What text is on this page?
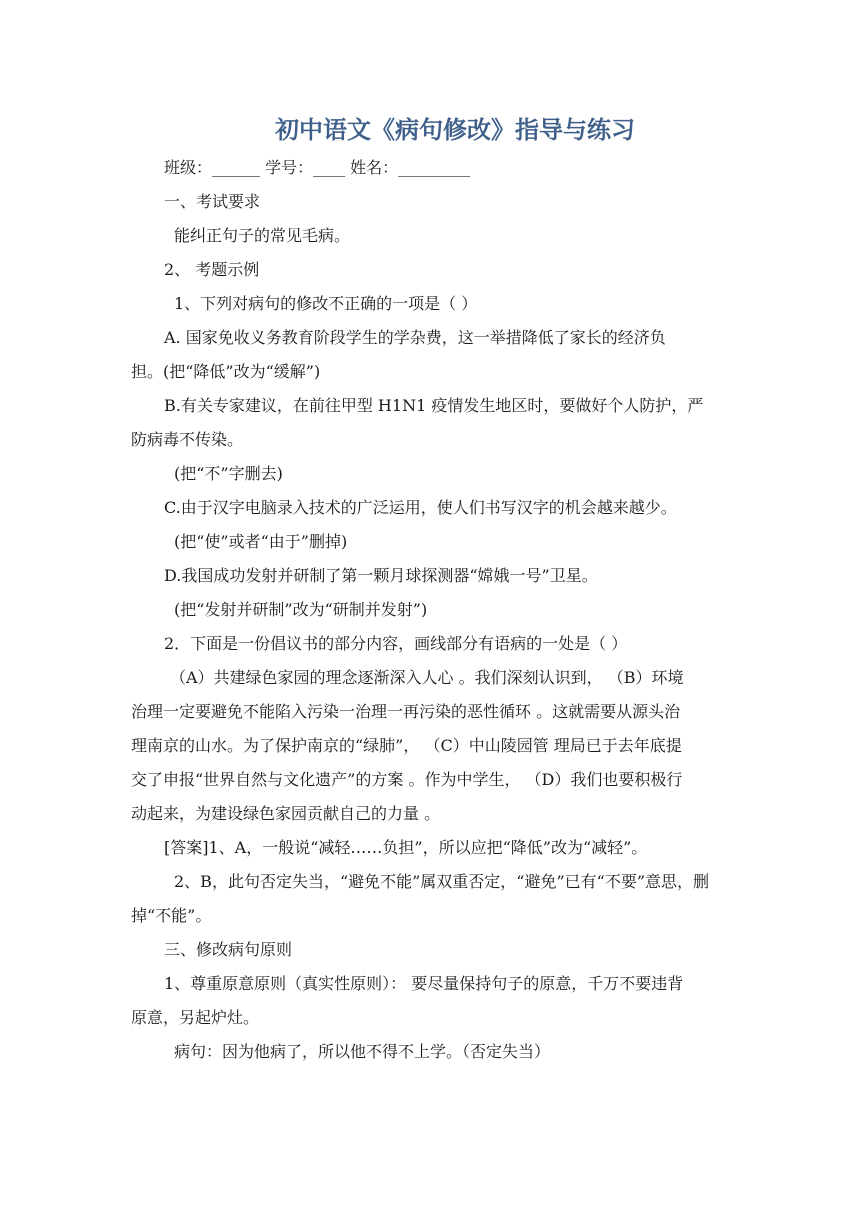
初中语文《病句修改》指导与练习
班级：______ 学号：____ 姓名：_________
一、考试要求
能纠正句子的常见毛病。
2、 考题示例
1、下列对病句的修改不正确的一项是（ ）
A. 国家免收义务教育阶段学生的学杂费，这一举措降低了家长的经济负
担。(把“降低”改为“缓解”)
B.有关专家建议，在前往甲型 H1N1 疫情发生地区时，要做好个人防护，严
防病毒不传染。
(把“不”字删去)
C.由于汉字电脑录入技术的广泛运用，使人们书写汉字的机会越来越少。
(把“使”或者“由于”删掉)
D.我国成功发射并研制了第一颗月球探测器“嫦娥一号”卫星。
(把“发射并研制”改为“研制并发射”)
2．下面是一份倡议书的部分内容，画线部分有语病的一处是（ ）
（A）共建绿色家园的理念逐渐深入人心 。我们深刻认识到， （B）环境
治理一定要避免不能陷入污染一治理一再污染的恶性循环 。这就需要从源头治
理南京的山水。为了保护南京的“绿肺”， （C）中山陵园管 理局已于去年底提
交了申报“世界自然与文化遗产”的方案 。作为中学生， （D）我们也要积极行
动起来，为建设绿色家园贡献自己的力量 。
[答案]1、A，一般说“减轻……负担”，所以应把“降低”改为“减轻”。
2、B，此句否定失当，“避免不能”属双重否定，“避免”已有“不要”意思，删
掉“不能”。
三、修改病句原则
1、尊重原意原则（真实性原则）： 要尽量保持句子的原意，千万不要违背
原意，另起炉灶。
病句：因为他病了，所以他不得不上学。（否定失当）
